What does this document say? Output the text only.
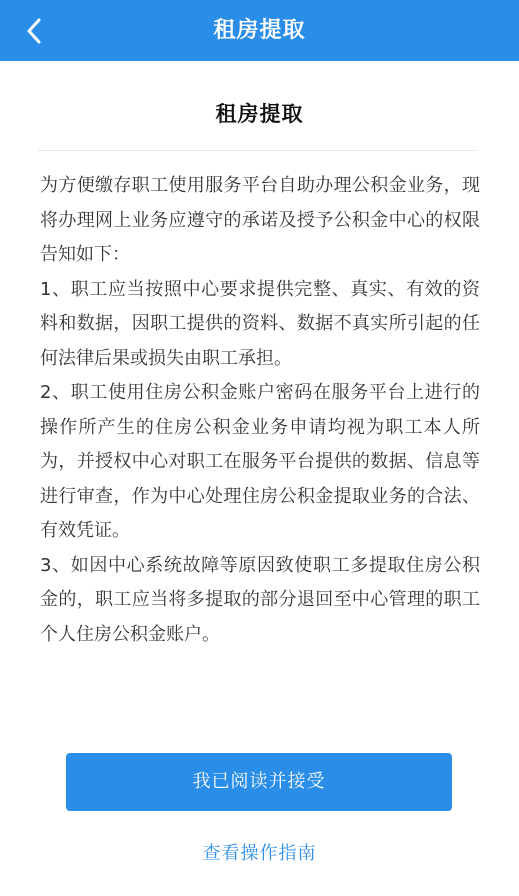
租房提取
租房提取

为方便缴存职工使用服务平台自助办理公积金业务，现将办理网上业务应遵守的承诺及授予公积金中心的权限告知如下：

1、职工应当按照中心要求提供完整、真实、有效的资料和数据，因职工提供的资料、数据不真实所引起的任何法律后果或损失由职工承担。

2、职工使用住房公积金账户密码在服务平台上进行的操作所产生的住房公积金业务申请均视为职工本人所为，并授权中心对职工在服务平台提供的数据、信息等进行审查，作为中心处理住房公积金提取业务的合法、有效凭证。

3、如因中心系统故障等原因致使职工多提取住房公积金的，职工应当将多提取的部分退回至中心管理的职工个人住房公积金账户。

我已阅读并接受
查看操作指南
